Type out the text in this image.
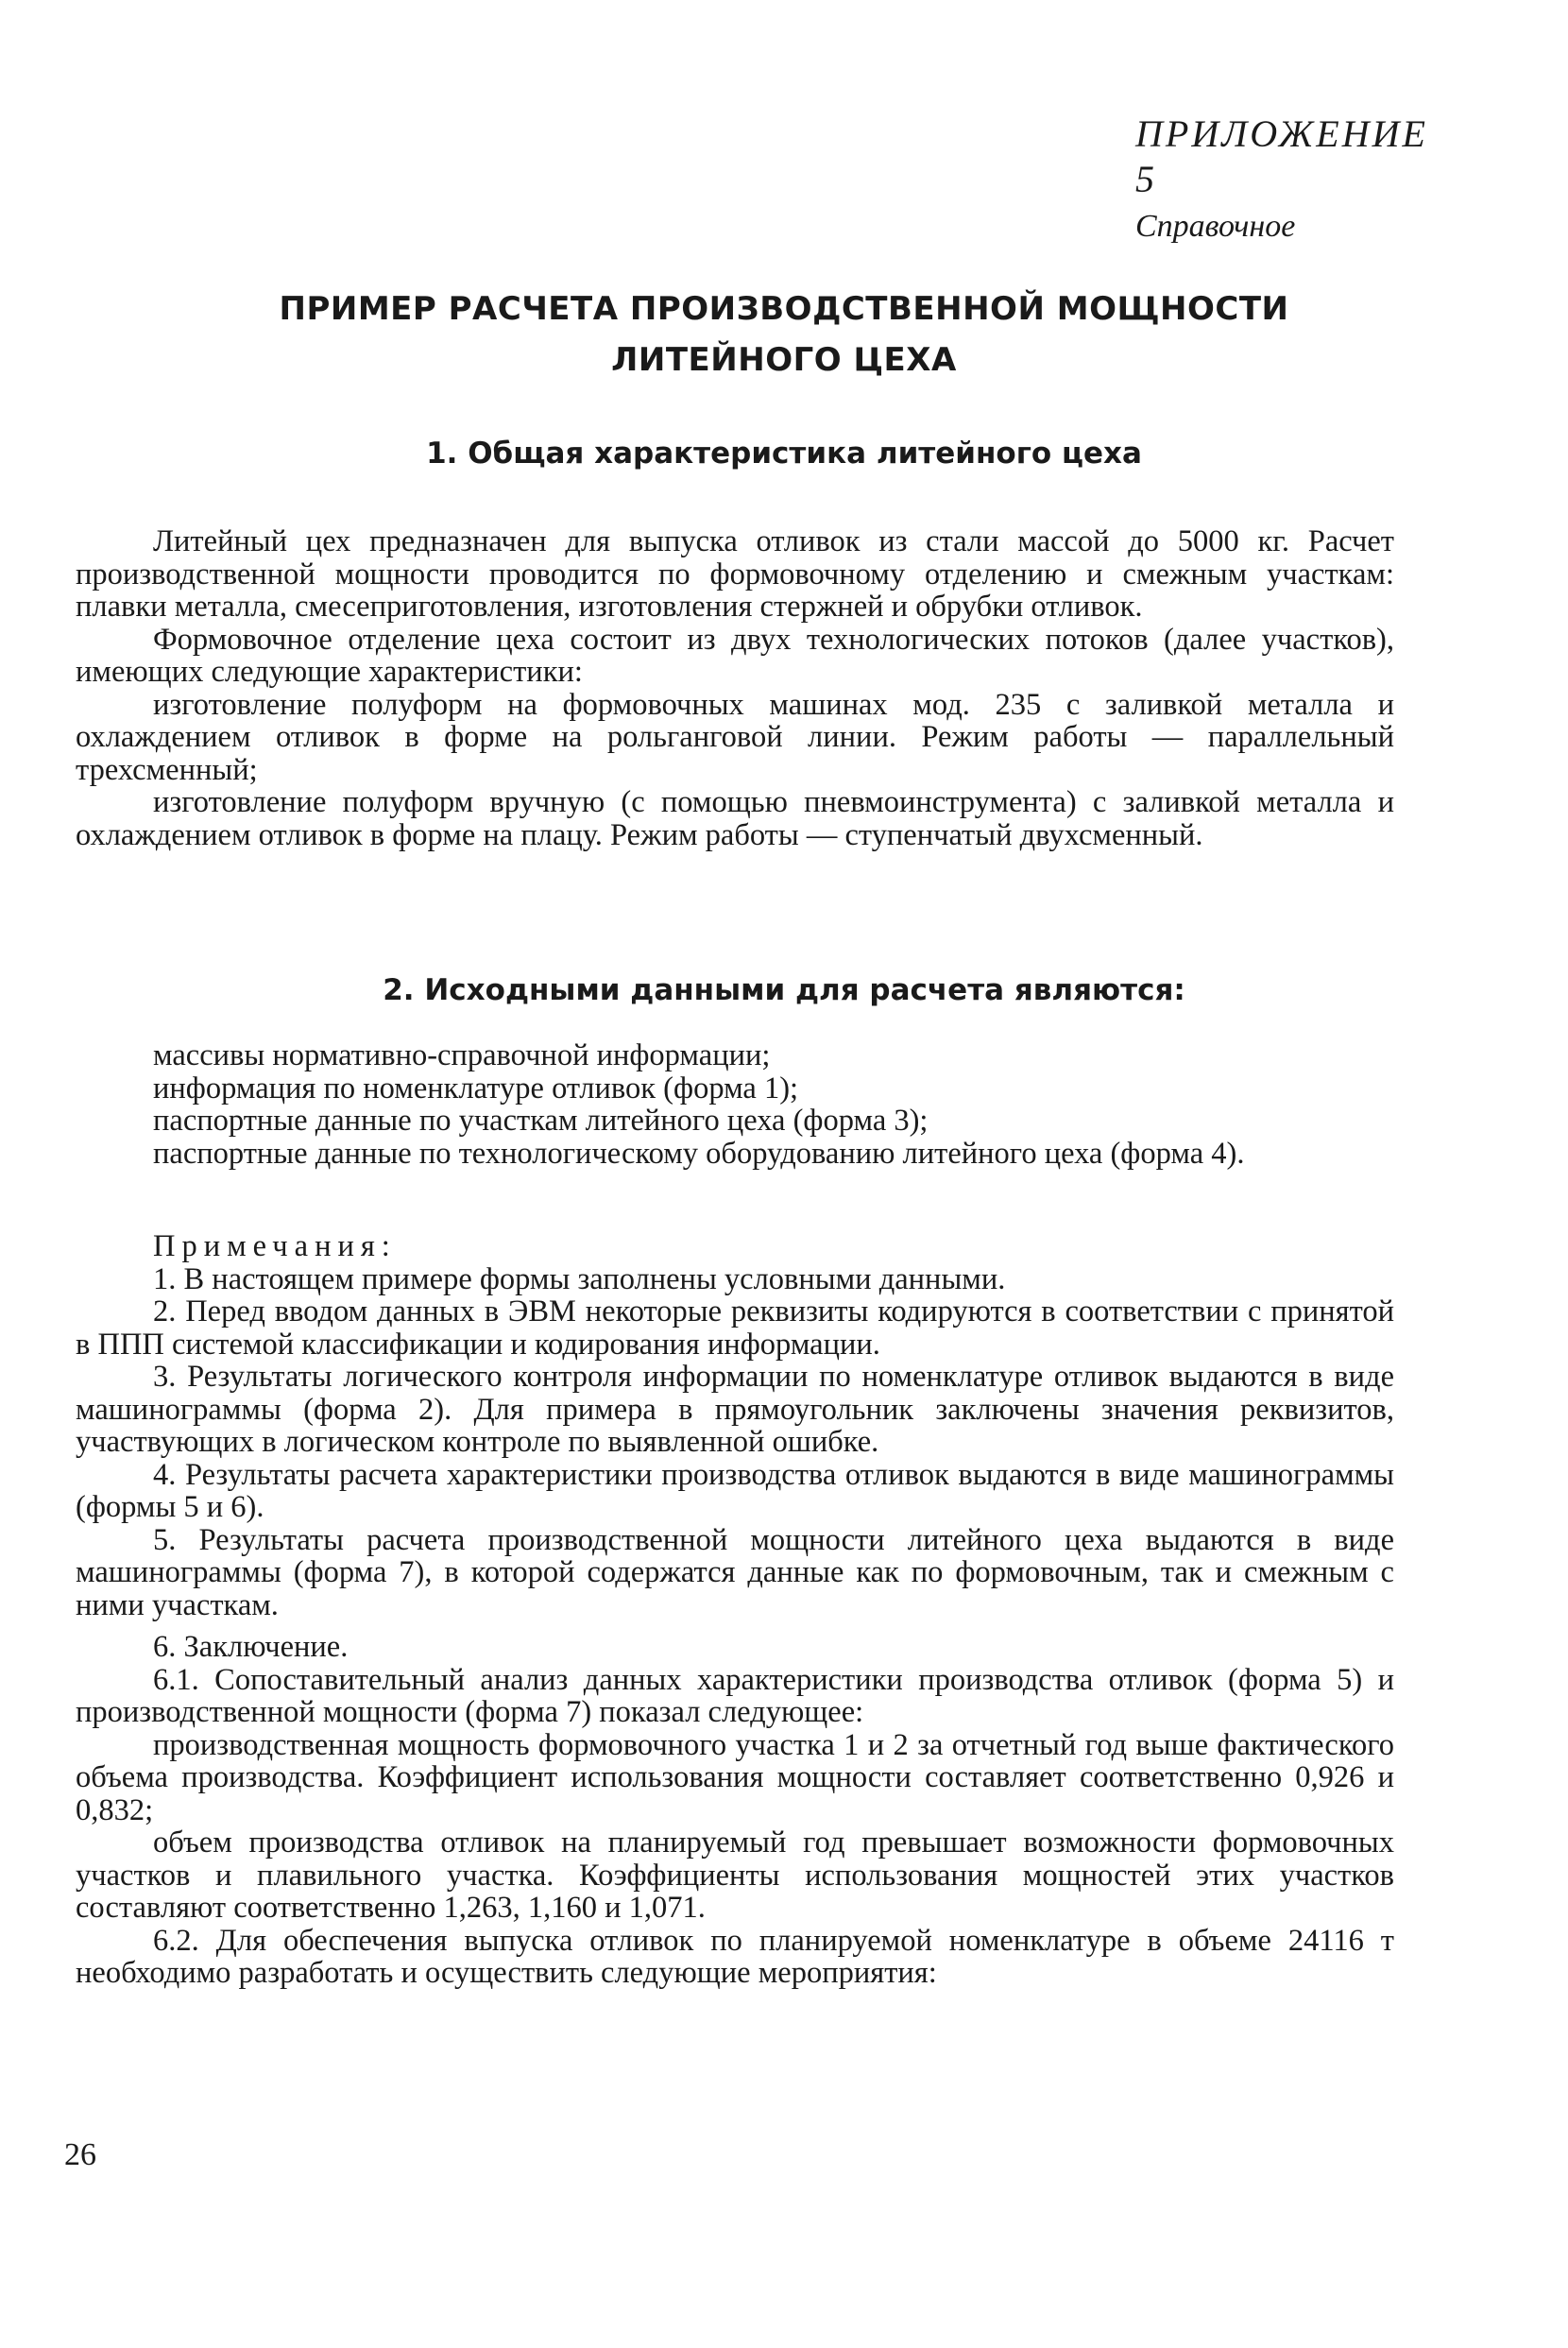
ПРИЛОЖЕНИЕ 5
Справочное
ПРИМЕР РАСЧЕТА ПРОИЗВОДСТВЕННОЙ МОЩНОСТИ
ЛИТЕЙНОГО ЦЕХА
1. Общая характеристика литейного цеха

Литейный цех предназначен для выпуска отливок из стали массой до 5000 кг. Расчет производственной мощности проводится по формовочному отделению и смежным участкам: плавки металла, смесеприготовления, изготовления стержней и обрубки отливок.

Формовочное отделение цеха состоит из двух технологических потоков (далее участков), имеющих следующие характеристики:

изготовление полуформ на формовочных машинах мод. 235 с заливкой металла и охлаждением отливок в форме на рольганговой линии. Режим работы — параллельный трехсменный;

изготовление полуформ вручную (с помощью пневмоинструмента) с заливкой металла и охлаждением отливок в форме на плацу. Режим работы — ступенчатый двухсменный.

2. Исходными данными для расчета являются:

массивы нормативно-справочной информации;

информация по номенклатуре отливок (форма 1);

паспортные данные по участкам литейного цеха (форма 3);

паспортные данные по технологическому оборудованию литейного цеха (форма 4).

Примечания:

1. В настоящем примере формы заполнены условными данными.

2. Перед вводом данных в ЭВМ некоторые реквизиты кодируются в соответствии с принятой в ППП системой классификации и кодирования информации.

3. Результаты логического контроля информации по номенклатуре отливок выдаются в виде машинограммы (форма 2). Для примера в прямоугольник заключены значения реквизитов, участвующих в логическом контроле по выявленной ошибке.

4. Результаты расчета характеристики производства отливок выдаются в виде машинограммы (формы 5 и 6).

5. Результаты расчета производственной мощности литейного цеха выдаются в виде машинограммы (форма 7), в которой содержатся данные как по формовочным, так и смежным с ними участкам.

6. Заключение.

6.1. Сопоставительный анализ данных характеристики производства отливок (форма 5) и производственной мощности (форма 7) показал следующее:

производственная мощность формовочного участка 1 и 2 за отчетный год выше фактического объема производства. Коэффициент использования мощности составляет соответственно 0,926 и 0,832;

объем производства отливок на планируемый год превышает возможности формовочных участков и плавильного участка. Коэффициенты использования мощностей этих участков составляют соответственно 1,263, 1,160 и 1,071.

6.2. Для обеспечения выпуска отливок по планируемой номенклатуре в объеме 24116 т необходимо разработать и осуществить следующие мероприятия:

26
